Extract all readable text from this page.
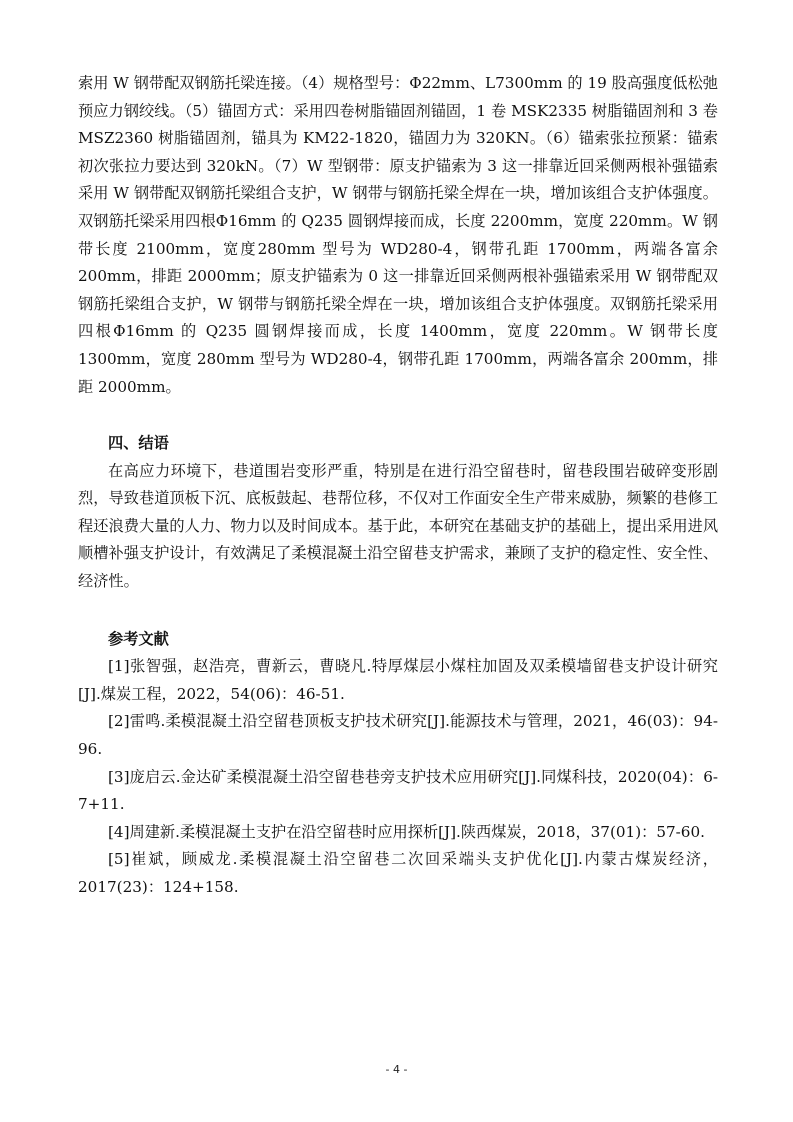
索用 W 钢带配双钢筋托梁连接。（4）规格型号：Φ22mm、L7300mm 的 19 股高强度低松弛预应力钢绞线。（5）锚固方式：采用四卷树脂锚固剂锚固，1 卷 MSK2335 树脂锚固剂和 3 卷 MSZ2360 树脂锚固剂，锚具为 KM22-1820，锚固力为 320KN。（6）锚索张拉预紧：锚索初次张拉力要达到 320kN。（7）W 型钢带：原支护锚索为 3 这一排靠近回采侧两根补强锚索采用 W 钢带配双钢筋托梁组合支护，W 钢带与钢筋托梁全焊在一块，增加该组合支护体强度。双钢筋托梁采用四根Φ16mm 的 Q235 圆钢焊接而成，长度 2200mm，宽度 220mm。W 钢带长度 2100mm，宽度280mm 型号为 WD280-4，钢带孔距 1700mm，两端各富余 200mm，排距 2000mm；原支护锚索为 0 这一排靠近回采侧两根补强锚索采用 W 钢带配双钢筋托梁组合支护，W 钢带与钢筋托梁全焊在一块，增加该组合支护体强度。双钢筋托梁采用四根Φ16mm 的 Q235 圆钢焊接而成，长度 1400mm，宽度 220mm。W 钢带长度 1300mm，宽度 280mm 型号为 WD280-4，钢带孔距 1700mm，两端各富余 200mm，排距 2000mm。

四、结语

在高应力环境下，巷道围岩变形严重，特别是在进行沿空留巷时，留巷段围岩破碎变形剧烈，导致巷道顶板下沉、底板鼓起、巷帮位移，不仅对工作面安全生产带来威胁，频繁的巷修工程还浪费大量的人力、物力以及时间成本。基于此，本研究在基础支护的基础上，提出采用进风顺槽补强支护设计，有效满足了柔模混凝土沿空留巷支护需求，兼顾了支护的稳定性、安全性、经济性。

参考文献

[1]张智强，赵浩亮，曹新云，曹晓凡.特厚煤层小煤柱加固及双柔模墙留巷支护设计研究[J].煤炭工程，2022，54(06)：46-51.

[2]雷鸣.柔模混凝土沿空留巷顶板支护技术研究[J].能源技术与管理，2021，46(03)：94-96.

[3]庞启云.金达矿柔模混凝土沿空留巷巷旁支护技术应用研究[J].同煤科技，2020(04)：6-7+11.

[4]周建新.柔模混凝土支护在沿空留巷时应用探析[J].陕西煤炭，2018，37(01)：57-60.

[5]崔斌，顾威龙.柔模混凝土沿空留巷二次回采端头支护优化[J].内蒙古煤炭经济，2017(23)：124+158.

- 4 -
